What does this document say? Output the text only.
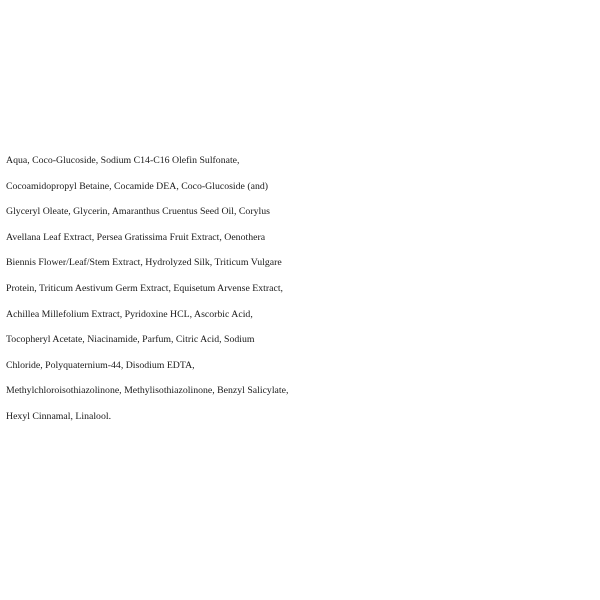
Aqua, Coco-Glucoside, Sodium C14-C16 Olefin Sulfonate,
Cocoamidopropyl Betaine, Cocamide DEA, Coco-Glucoside (and)
Glyceryl Oleate, Glycerin, Amaranthus Cruentus Seed Oil, Corylus
Avellana Leaf Extract, Persea Gratissima Fruit Extract, Oenothera
Biennis Flower/Leaf/Stem Extract, Hydrolyzed Silk, Triticum Vulgare
Protein, Triticum Aestivum Germ Extract, Equisetum Arvense Extract,
Achillea Millefolium Extract, Pyridoxine HCL, Ascorbic Acid,
Tocopheryl Acetate, Niacinamide, Parfum, Citric Acid, Sodium
Chloride, Polyquaternium-44, Disodium EDTA,
Methylchloroisothiazolinone, Methylisothiazolinone, Benzyl Salicylate,
Hexyl Cinnamal, Linalool.
